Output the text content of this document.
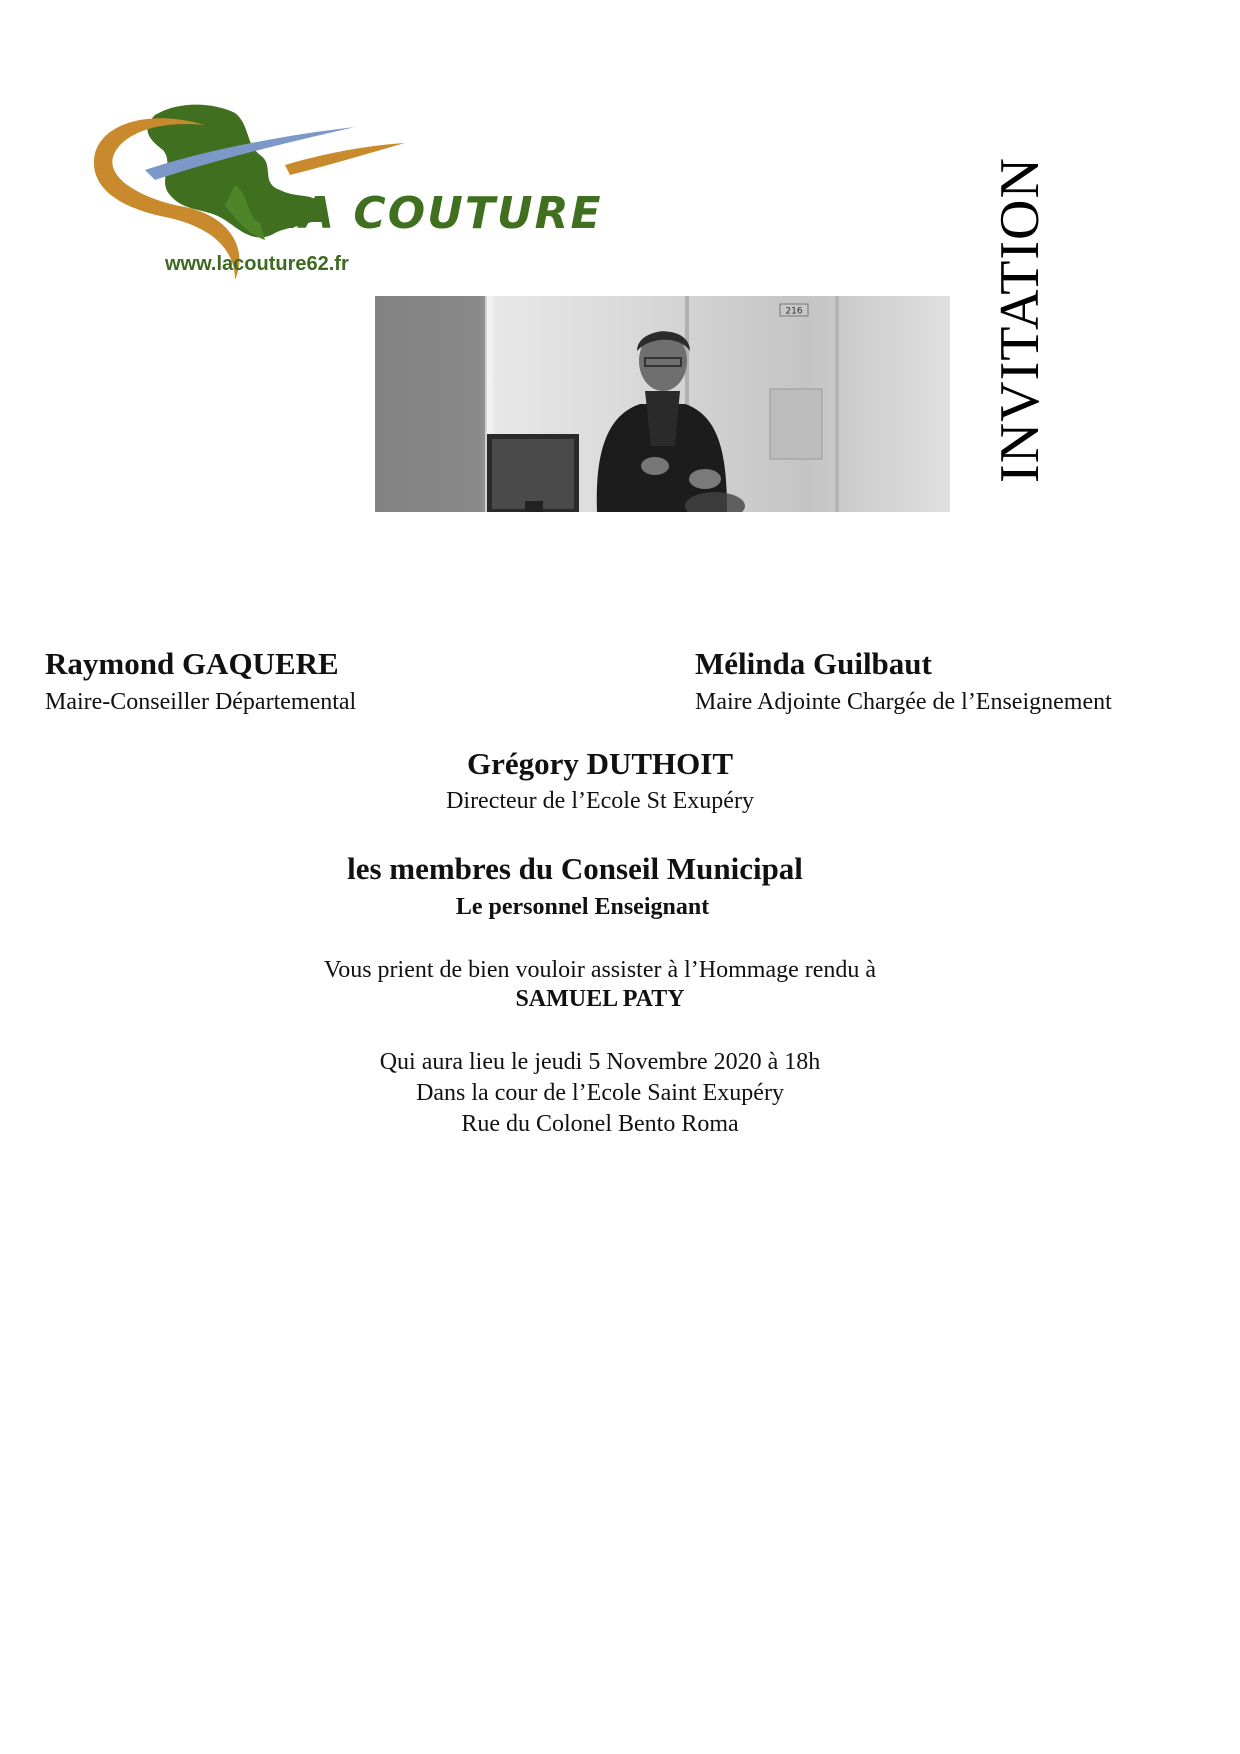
LA COUTURE
www.lacouture62.fr
216	INVITATION
Raymond GAQUERE
Maire-Conseiller Départemental
Mélinda Guilbaut
Maire Adjointe Chargée de l’Enseignement
Grégory DUTHOIT
Directeur de l’Ecole St Exupéry
les membres du Conseil Municipal
Le personnel Enseignant
Vous prient de bien vouloir assister à l’Hommage rendu à
SAMUEL PATY
Qui aura lieu le jeudi 5 Novembre 2020 à 18h
Dans la cour de l’Ecole Saint Exupéry
Rue du Colonel Bento Roma
